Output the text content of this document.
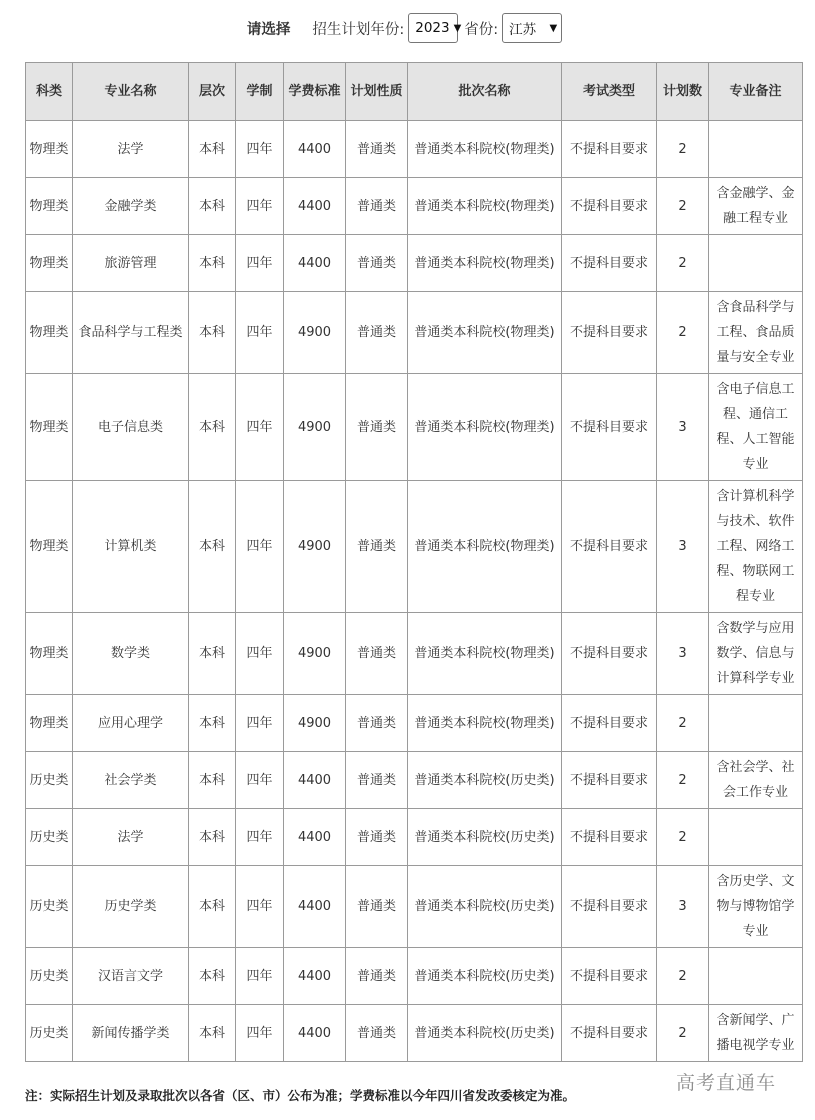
请选择 招生计划年份: 2023 ▼ 省份: 江苏 ▼
科类	专业名称	层次	学制	学费标准	计划性质	批次名称	考试类型	计划数	专业备注
物理类	法学	本科	四年	4400	普通类	普通类本科院校(物理类)	不提科目要求	2	
物理类	金融学类	本科	四年	4400	普通类	普通类本科院校(物理类)	不提科目要求	2	含金融学、金融工程专业
物理类	旅游管理	本科	四年	4400	普通类	普通类本科院校(物理类)	不提科目要求	2	
物理类	食品科学与工程类	本科	四年	4900	普通类	普通类本科院校(物理类)	不提科目要求	2	含食品科学与工程、食品质量与安全专业
物理类	电子信息类	本科	四年	4900	普通类	普通类本科院校(物理类)	不提科目要求	3	含电子信息工程、通信工程、人工智能专业
物理类	计算机类	本科	四年	4900	普通类	普通类本科院校(物理类)	不提科目要求	3	含计算机科学与技术、软件工程、网络工程、物联网工程专业
物理类	数学类	本科	四年	4900	普通类	普通类本科院校(物理类)	不提科目要求	3	含数学与应用数学、信息与计算科学专业
物理类	应用心理学	本科	四年	4900	普通类	普通类本科院校(物理类)	不提科目要求	2	
历史类	社会学类	本科	四年	4400	普通类	普通类本科院校(历史类)	不提科目要求	2	含社会学、社会工作专业
历史类	法学	本科	四年	4400	普通类	普通类本科院校(历史类)	不提科目要求	2	
历史类	历史学类	本科	四年	4400	普通类	普通类本科院校(历史类)	不提科目要求	3	含历史学、文物与博物馆学专业
历史类	汉语言文学	本科	四年	4400	普通类	普通类本科院校(历史类)	不提科目要求	2	
历史类	新闻传播学类	本科	四年	4400	普通类	普通类本科院校(历史类)	不提科目要求	2	含新闻学、广播电视学专业
注：实际招生计划及录取批次以各省（区、市）公布为准；学费标准以今年四川省发改委核定为准。
高考直通车
